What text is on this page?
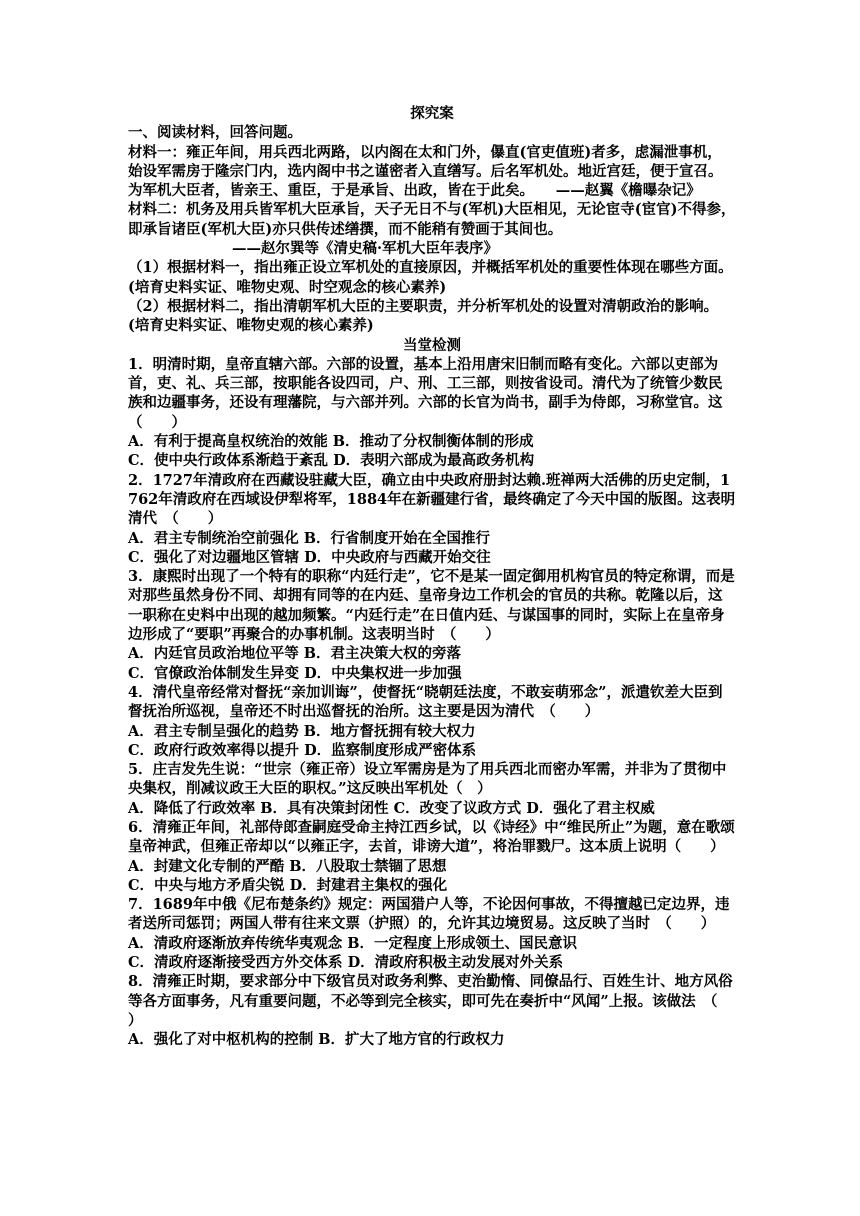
探究案

一、阅读材料，回答问题。

材料一：雍正年间，用兵西北两路，以内阁在太和门外，儤直(官吏值班)者多，虑漏泄事机，始设军需房于隆宗门内，选内阁中书之谨密者入直缮写。后名军机处。地近宫廷，便于宣召。为军机大臣者，皆亲王、重臣，于是承旨、出政，皆在于此矣。　　——赵翼《檐曝杂记》

材料二：机务及用兵皆军机大臣承旨，天子无日不与(军机)大臣相见，无论宦寺(宦官)不得参，即承旨诸臣(军机大臣)亦只供传述缮撰，而不能稍有赞画于其间也。

——赵尔巽等《清史稿·军机大臣年表序》

（1）根据材料一，指出雍正设立军机处的直接原因，并概括军机处的重要性体现在哪些方面。(培育史料实证、唯物史观、时空观念的核心素养)

（2）根据材料二，指出清朝军机大臣的主要职责，并分析军机处的设置对清朝政治的影响。(培育史料实证、唯物史观的核心素养)

当堂检测

1．明清时期，皇帝直辖六部。六部的设置，基本上沿用唐宋旧制而略有变化。六部以吏部为首，吏、礼、兵三部，按职能各设四司，户、刑、工三部，则按省设司。清代为了统管少数民族和边疆事务，还设有理藩院，与六部并列。六部的长官为尚书，副手为侍郎，习称堂官。这（　　）

A．有利于提高皇权统治的效能 B．推动了分权制衡体制的形成

C．使中央行政体系渐趋于紊乱 D．表明六部成为最高政务机构

2．1727年清政府在西藏设驻藏大臣，确立由中央政府册封达赖.班禅两大活佛的历史定制，1762年清政府在西域设伊犁将军，1884年在新疆建行省，最终确定了今天中国的版图。这表明清代　（　　）

A．君主专制统治空前强化 B．行省制度开始在全国推行

C．强化了对边疆地区管辖 D．中央政府与西藏开始交往

3．康熙时出现了一个特有的职称“内廷行走”，它不是某一固定御用机构官员的特定称谓，而是对那些虽然身份不同、却拥有同等的在内廷、皇帝身边工作机会的官员的共称。乾隆以后，这一职称在史料中出现的越加频繁。“内廷行走”在日值内廷、与谋国事的同时，实际上在皇帝身边形成了“要职”再聚合的办事机制。这表明当时　（　　）

A．内廷官员政治地位平等 B．君主决策大权的旁落

C．官僚政治体制发生异变 D．中央集权进一步加强

4．清代皇帝经常对督抚“亲加训诲”，使督抚“晓朝廷法度，不敢妄萌邪念”，派遣钦差大臣到督抚治所巡视，皇帝还不时出巡督抚的治所。这主要是因为清代　（　　）

A．君主专制呈强化的趋势 B．地方督抚拥有较大权力

C．政府行政效率得以提升 D．监察制度形成严密体系

5．庄吉发先生说：“世宗（雍正帝）设立军需房是为了用兵西北而密办军需，并非为了贯彻中央集权，削减议政王大臣的职权。”这反映出军机处（　）

A．降低了行政效率 B．具有决策封闭性 C．改变了议政方式 D．强化了君主权威

6．清雍正年间，礼部侍郎查嗣庭受命主持江西乡试，以《诗经》中“维民所止”为题，意在歌颂皇帝神武，但雍正帝却以“以雍正字，去首，诽谤大道”，将治罪戮尸。这本质上说明（　　）

A．封建文化专制的严酷 B．八股取士禁锢了思想

C．中央与地方矛盾尖锐 D．封建君主集权的强化

7．1689年中俄《尼布楚条约》规定：两国猎户人等，不论因何事故，不得擅越已定边界，违者送所司惩罚；两国人带有往来文票（护照）的，允许其边境贸易。这反映了当时　（　　）

A．清政府逐渐放弃传统华夷观念 B．一定程度上形成领土、国民意识

C．清政府逐渐接受西方外交体系 D．清政府积极主动发展对外关系

8．清雍正时期，要求部分中下级官员对政务利弊、吏治勤惰、同僚品行、百姓生计、地方风俗等各方面事务，凡有重要问题，不必等到完全核实，即可先在奏折中“风闻”上报。该做法　（　　）

A．强化了对中枢机构的控制 B．扩大了地方官的行政权力
